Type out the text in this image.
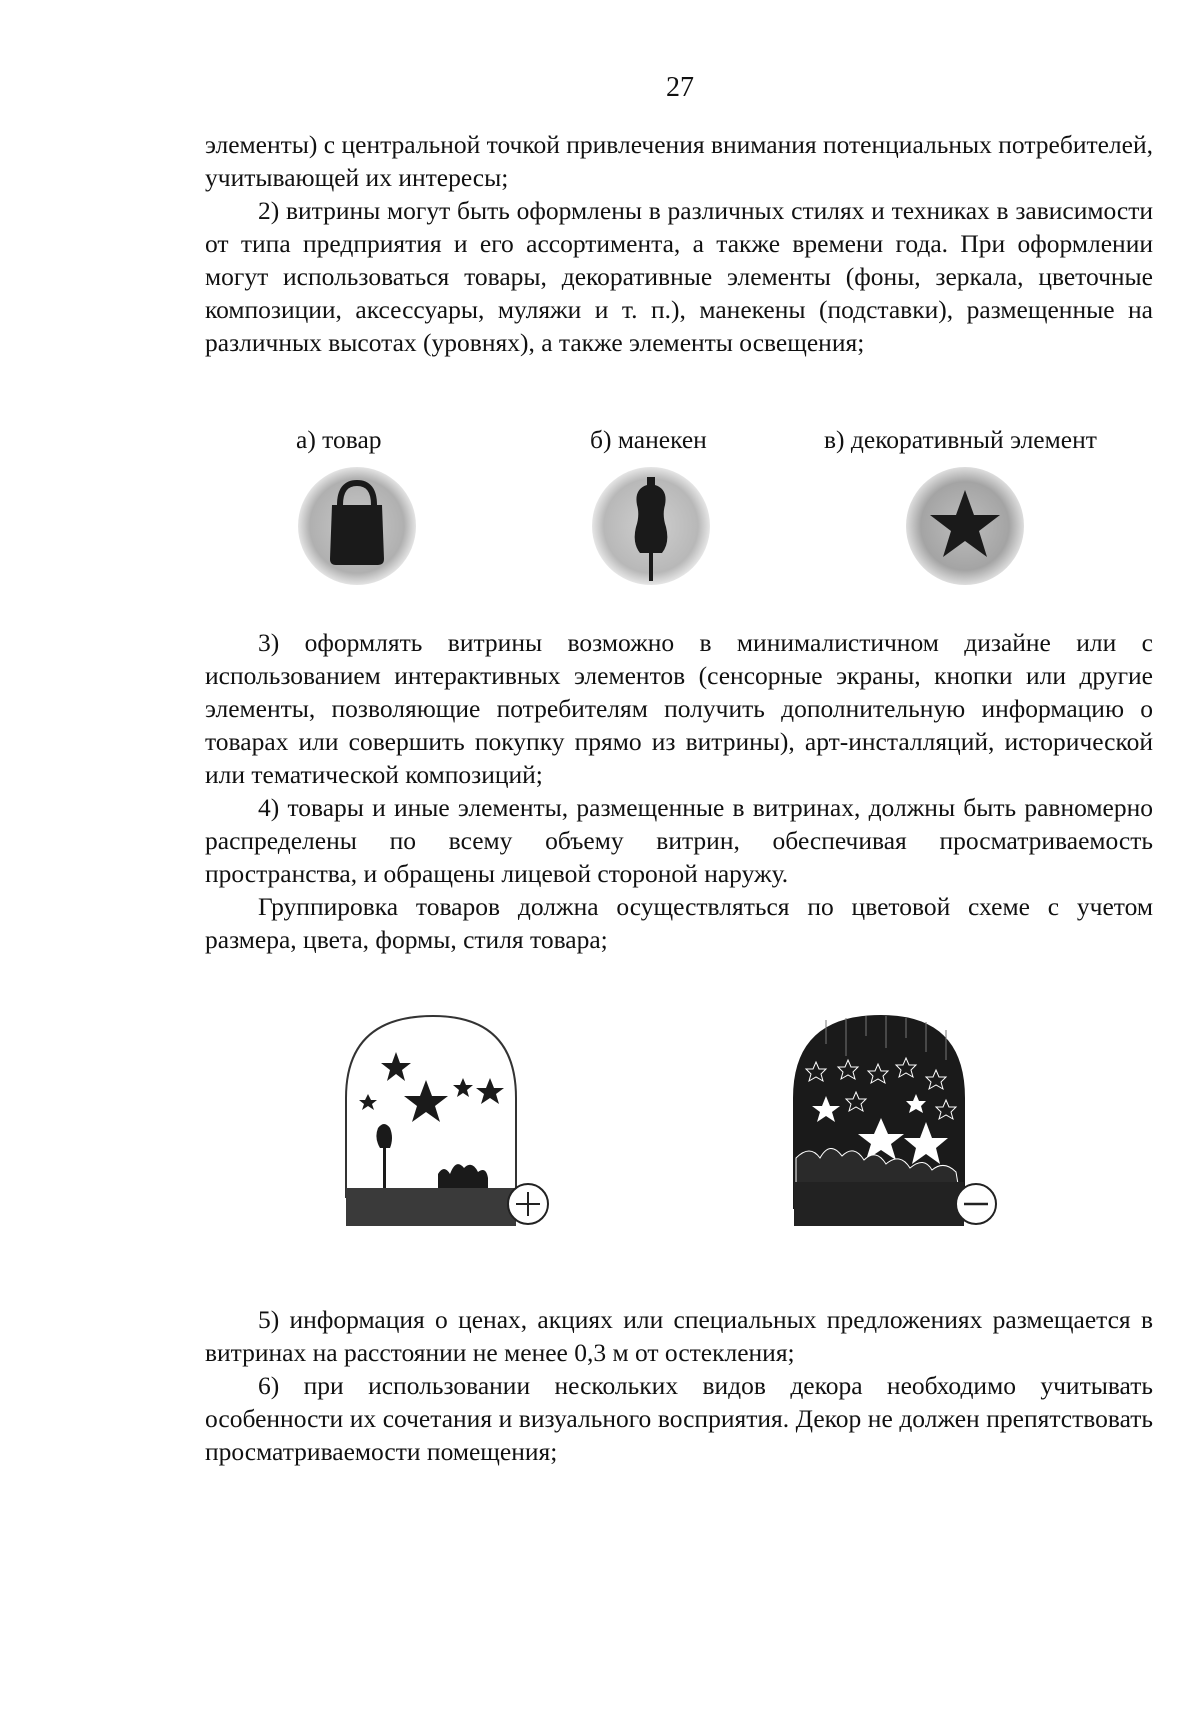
27

элементы) с центральной точкой привлечения внимания потенциальных потребителей, учитывающей их интересы;

2) витрины могут быть оформлены в различных стилях и техниках в зависимости от типа предприятия и его ассортимента, а также времени года. При оформлении могут использоваться товары, декоративные элементы (фоны, зеркала, цветочные композиции, аксессуары, муляжи и т. п.), манекены (подставки), размещенные на различных высотах (уровнях), а также элементы освещения;

а) товар	б) манекен	в) декоративный элемент

3) оформлять витрины возможно в минималистичном дизайне или с использованием интерактивных элементов (сенсорные экраны, кнопки или другие элементы, позволяющие потребителям получить дополнительную информацию о товарах или совершить покупку прямо из витрины), арт-инсталляций, исторической или тематической композиций;

4) товары и иные элементы, размещенные в витринах, должны быть равномерно распределены по всему объему витрин, обеспечивая просматриваемость пространства, и обращены лицевой стороной наружу.

Группировка товаров должна осуществляться по цветовой схеме с учетом размера, цвета, формы, стиля товара;

5) информация о ценах, акциях или специальных предложениях размещается в витринах на расстоянии не менее 0,3 м от остекления;

6) при использовании нескольких видов декора необходимо учитывать особенности их сочетания и визуального восприятия. Декор не должен препятствовать просматриваемости помещения;
